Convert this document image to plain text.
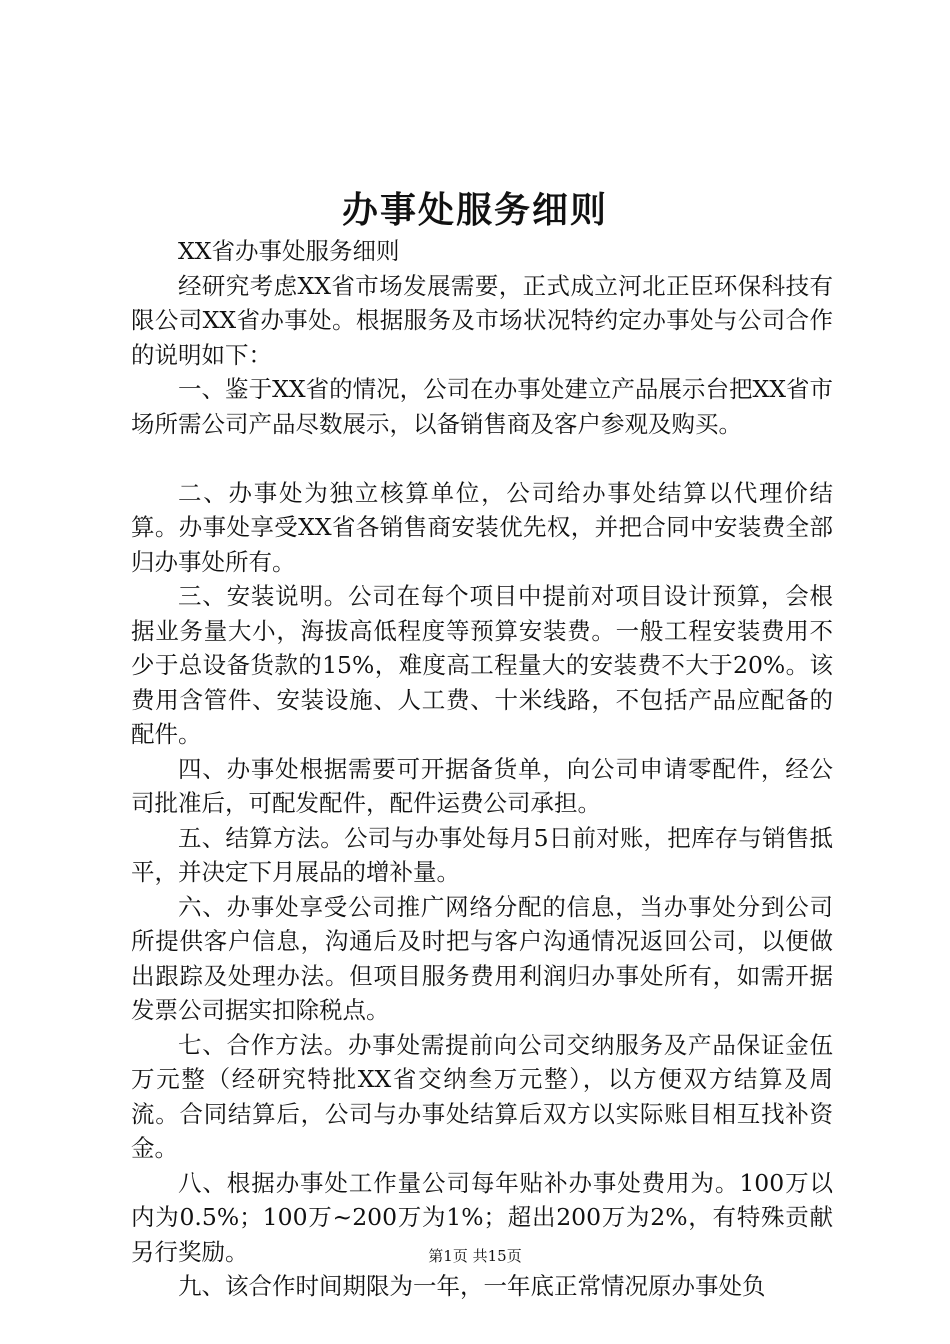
办事处服务细则

XX省办事处服务细则

经研究考虑XX省市场发展需要，正式成立河北正臣环保科技有限公司XX省办事处。根据服务及市场状况特约定办事处与公司合作的说明如下：

一、鉴于XX省的情况，公司在办事处建立产品展示台把XX省市场所需公司产品尽数展示，以备销售商及客户参观及购买。

二、办事处为独立核算单位，公司给办事处结算以代理价结算。办事处享受XX省各销售商安装优先权，并把合同中安装费全部归办事处所有。

三、安装说明。公司在每个项目中提前对项目设计预算，会根据业务量大小，海拔高低程度等预算安装费。一般工程安装费用不少于总设备货款的15%，难度高工程量大的安装费不大于20%。该费用含管件、安装设施、人工费、十米线路，不包括产品应配备的配件。

四、办事处根据需要可开据备货单，向公司申请零配件，经公司批准后，可配发配件，配件运费公司承担。

五、结算方法。公司与办事处每月5日前对账，把库存与销售抵平，并决定下月展品的增补量。

六、办事处享受公司推广网络分配的信息，当办事处分到公司所提供客户信息，沟通后及时把与客户沟通情况返回公司，以便做出跟踪及处理办法。但项目服务费用利润归办事处所有，如需开据发票公司据实扣除税点。

七、合作方法。办事处需提前向公司交纳服务及产品保证金伍万元整（经研究特批XX省交纳叁万元整），以方便双方结算及周流。合同结算后，公司与办事处结算后双方以实际账目相互找补资金。

八、根据办事处工作量公司每年贴补办事处费用为。100万以内为0.5%；100万~200万为1%；超出200万为2%，有特殊贡献另行奖励。

九、该合作时间期限为一年，一年底正常情况原办事处负

第1页 共15页
